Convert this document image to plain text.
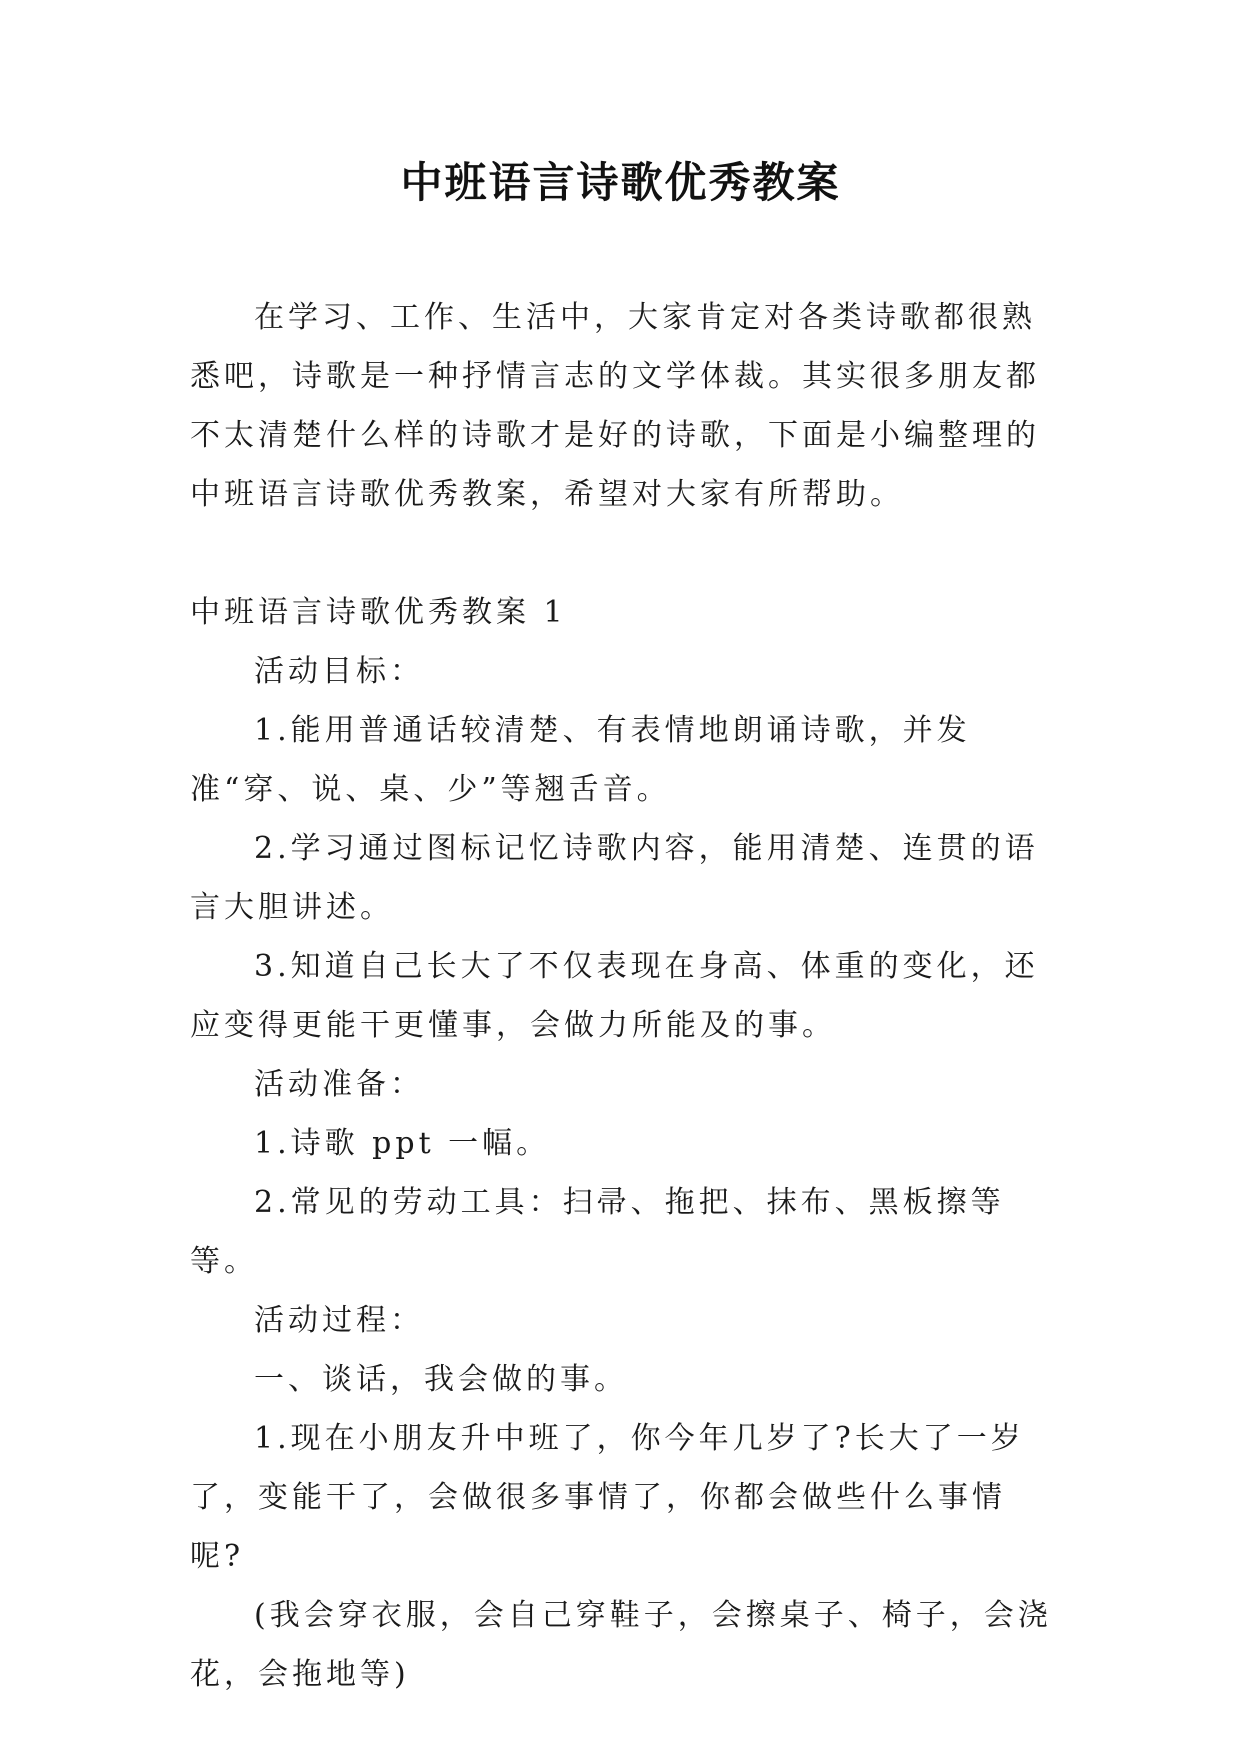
中班语言诗歌优秀教案

在学习、工作、生活中，大家肯定对各类诗歌都很熟悉吧，诗歌是一种抒情言志的文学体裁。其实很多朋友都不太清楚什么样的诗歌才是好的诗歌，下面是小编整理的中班语言诗歌优秀教案，希望对大家有所帮助。

中班语言诗歌优秀教案 1

活动目标：

1.能用普通话较清楚、有表情地朗诵诗歌，并发准“穿、说、桌、少”等翘舌音。

2.学习通过图标记忆诗歌内容，能用清楚、连贯的语言大胆讲述。

3.知道自己长大了不仅表现在身高、体重的变化，还应变得更能干更懂事，会做力所能及的事。

活动准备：

1.诗歌 ppt 一幅。

2.常见的劳动工具：扫帚、拖把、抹布、黑板擦等等。

活动过程：

一、谈话，我会做的事。

1.现在小朋友升中班了，你今年几岁了?长大了一岁了，变能干了，会做很多事情了，你都会做些什么事情呢?

(我会穿衣服，会自己穿鞋子，会擦桌子、椅子，会浇花，会拖地等)
